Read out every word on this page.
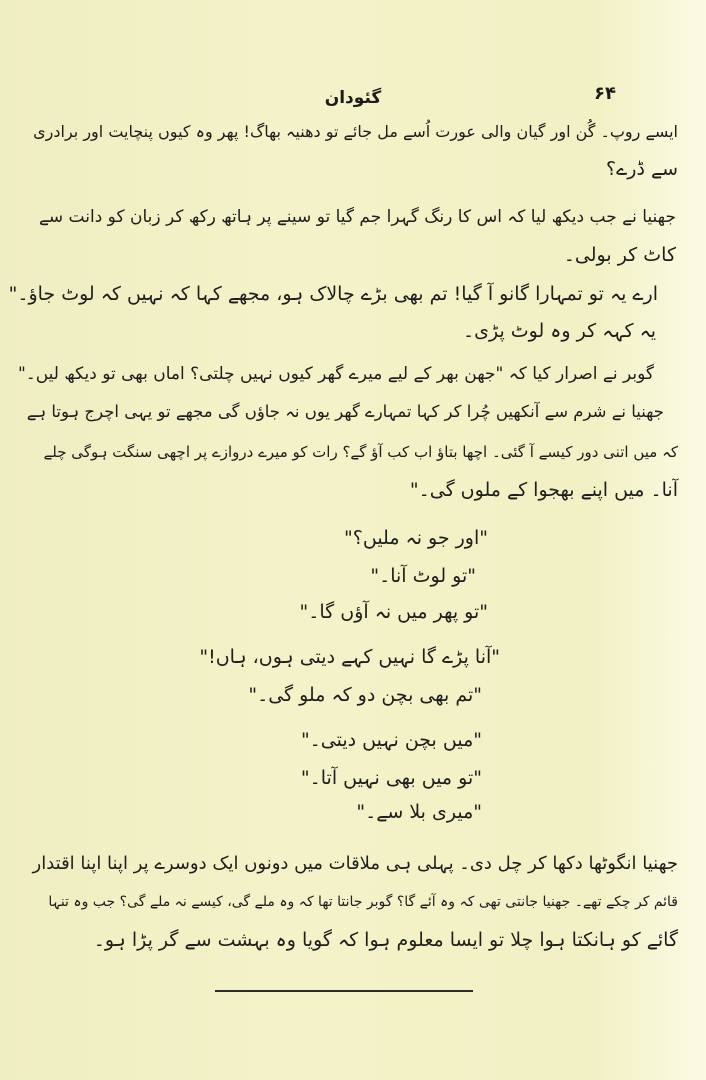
گئودان	۶۴
ایسے روپ۔ گُن اور گیان والی عورت اُسے مل جائے تو دھنیہ بھاگ! پھر وہ کیوں پنچایت اور برادری
سے ڈرے؟
جھنیا نے جب دیکھ لیا کہ اس کا رنگ گہرا جم گیا تو سینے پر ہاتھ رکھ کر زبان کو دانت سے
کاٹ کر بولی۔
ارے یہ تو تمہارا گانو آ گیا! تم بھی بڑے چالاک ہو، مجھے کہا کہ نہیں کہ لوٹ جاؤ۔"
یہ کہہ کر وہ لوٹ پڑی۔
گوبر نے اصرار کیا کہ "جھن بھر کے لیے میرے گھر کیوں نہیں چلتی؟ اماں بھی تو دیکھ لیں۔"
جھنیا نے شرم سے آنکھیں چُرا کر کہا تمہارے گھر یوں نہ جاؤں گی مجھے تو یہی اچرج ہوتا ہے
کہ میں اتنی دور کیسے آ گئی۔ اچھا بتاؤ اب کب آؤ گے؟ رات کو میرے دروازے پر اچھی سنگت ہوگی چلے
آنا۔ میں اپنے بھجوا کے ملوں گی۔"
"اور جو نہ ملیں؟"
"تو لوٹ آنا۔"
"تو پھر میں نہ آؤں گا۔"
"آنا پڑے گا نہیں کہے دیتی ہوں، ہاں!"
"تم بھی بچن دو کہ ملو گی۔"
"میں بچن نہیں دیتی۔"
"تو میں بھی نہیں آتا۔"
"میری بلا سے۔"
جھنیا انگوٹھا دکھا کر چل دی۔ پہلی ہی ملاقات میں دونوں ایک دوسرے پر اپنا اپنا اقتدار
قائم کر چکے تھے۔ جھنیا جانتی تھی کہ وہ آئے گا؟ گوبر جانتا تھا کہ وہ ملے گی، کیسے نہ ملے گی؟ جب وہ تنہا
گائے کو ہانکتا ہوا چلا تو ایسا معلوم ہوا کہ گویا وہ بہشت سے گر پڑا ہو۔
